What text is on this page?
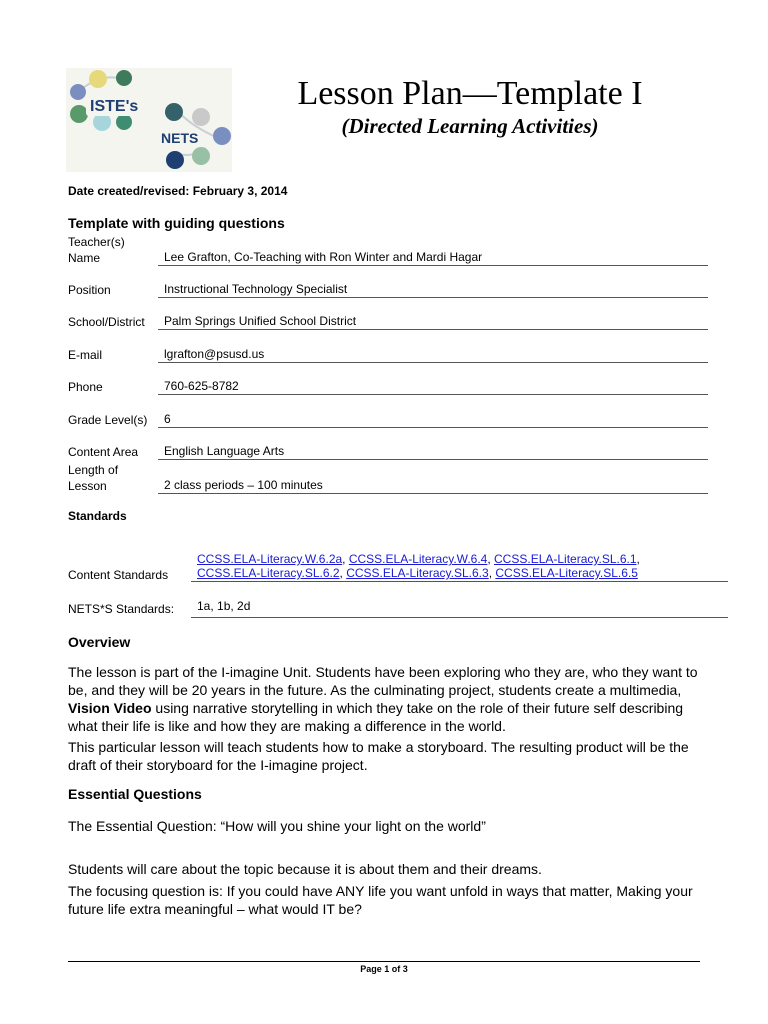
ISTE's
NETS
Lesson Plan—Template I
(Directed Learning Activities)
Date created/revised: February 3, 2014
Template with guiding questions
Teacher(s) Name	Lee Grafton, Co-Teaching with Ron Winter and Mardi Hagar
Position	Instructional Technology Specialist
School/District	Palm Springs Unified School District
E-mail	lgrafton@psusd.us
Phone	760-625-8782
Grade Level(s)	6
Content Area	English Language Arts
Length of Lesson	2 class periods – 100 minutes
Standards
Content Standards
CCSS.ELA-Literacy.W.6.2a, CCSS.ELA-Literacy.W.6.4, CCSS.ELA-Literacy.SL.6.1,
CCSS.ELA-Literacy.SL.6.2, CCSS.ELA-Literacy.SL.6.3, CCSS.ELA-Literacy.SL.6.5
NETS*S Standards:	1a, 1b, 2d
Overview

The lesson is part of the I-imagine Unit. Students have been exploring who they are, who they want to be, and they will be 20 years in the future. As the culminating project, students create a multimedia, Vision Video using narrative storytelling in which they take on the role of their future self describing what their life is like and how they are making a difference in the world.

This particular lesson will teach students how to make a storyboard. The resulting product will be the draft of their storyboard for the I-imagine project.

Essential Questions

The Essential Question: “How will you shine your light on the world”

Students will care about the topic because it is about them and their dreams.

The focusing question is: If you could have ANY life you want unfold in ways that matter, Making your future life extra meaningful – what would IT be?

Page 1 of 3
